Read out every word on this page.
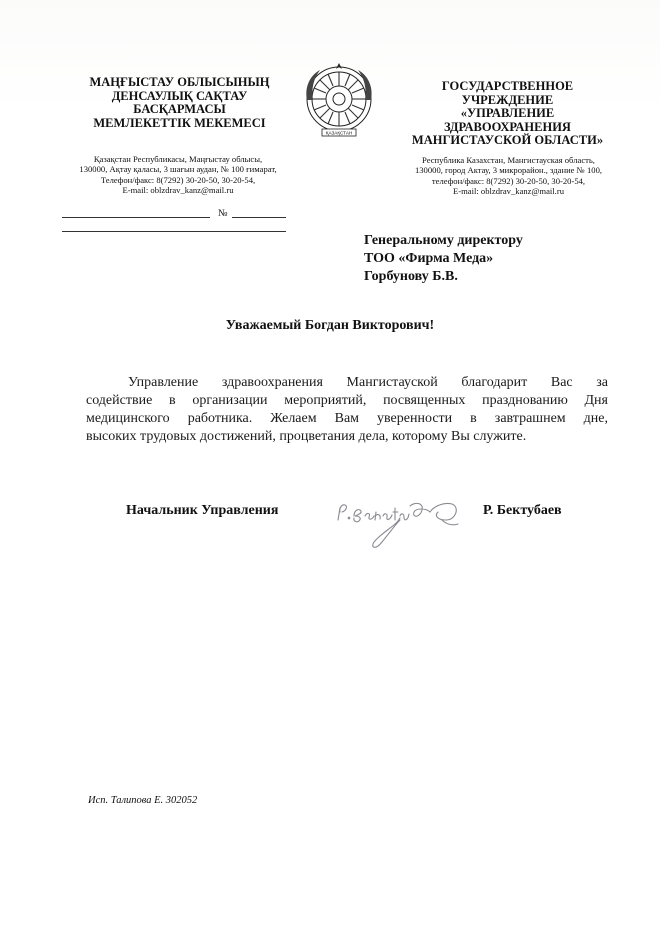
МАҢҒЫСТАУ ОБЛЫСЫНЫҢ
ДЕНСАУЛЫҚ САҚТАУ
БАСҚАРМАСЫ
МЕМЛЕКЕТТІК МЕКЕМЕСІ

ҚАЗАҚСТАН

ГОСУДАРСТВЕННОЕ УЧРЕЖДЕНИЕ
«УПРАВЛЕНИЕ
ЗДРАВООХРАНЕНИЯ
МАНГИСТАУСКОЙ ОБЛАСТИ»

Қазақстан Республикасы, Маңғыстау облысы,
130000, Ақтау қаласы, 3 шағын аудан, № 100 ғимарат,
Телефон/факс: 8(7292) 30-20-50, 30-20-54,
E-mail: oblzdrav_kanz@mail.ru
Республика Казахстан, Мангистауская область,
130000, город Актау, 3 микрорайон., здание № 100,
телефон/факс: 8(7292) 30-20-50, 30-20-54,
E-mail: oblzdrav_kanz@mail.ru
№
Генеральному директору
ТОО «Фирма Меда»
Горбунову Б.В.
Уважаемый Богдан Викторович!
Управление здравоохранения Мангистауской благодарит Вас за
содействие в организации мероприятий, посвященных празднованию Дня
медицинского работника. Желаем Вам уверенности в завтрашнем дне,
высоких трудовых достижений, процветания дела, которому Вы служите.
Начальник Управления
р.бектубаев
Р. Бектубаев
Исп. Талипова Е. 302052
